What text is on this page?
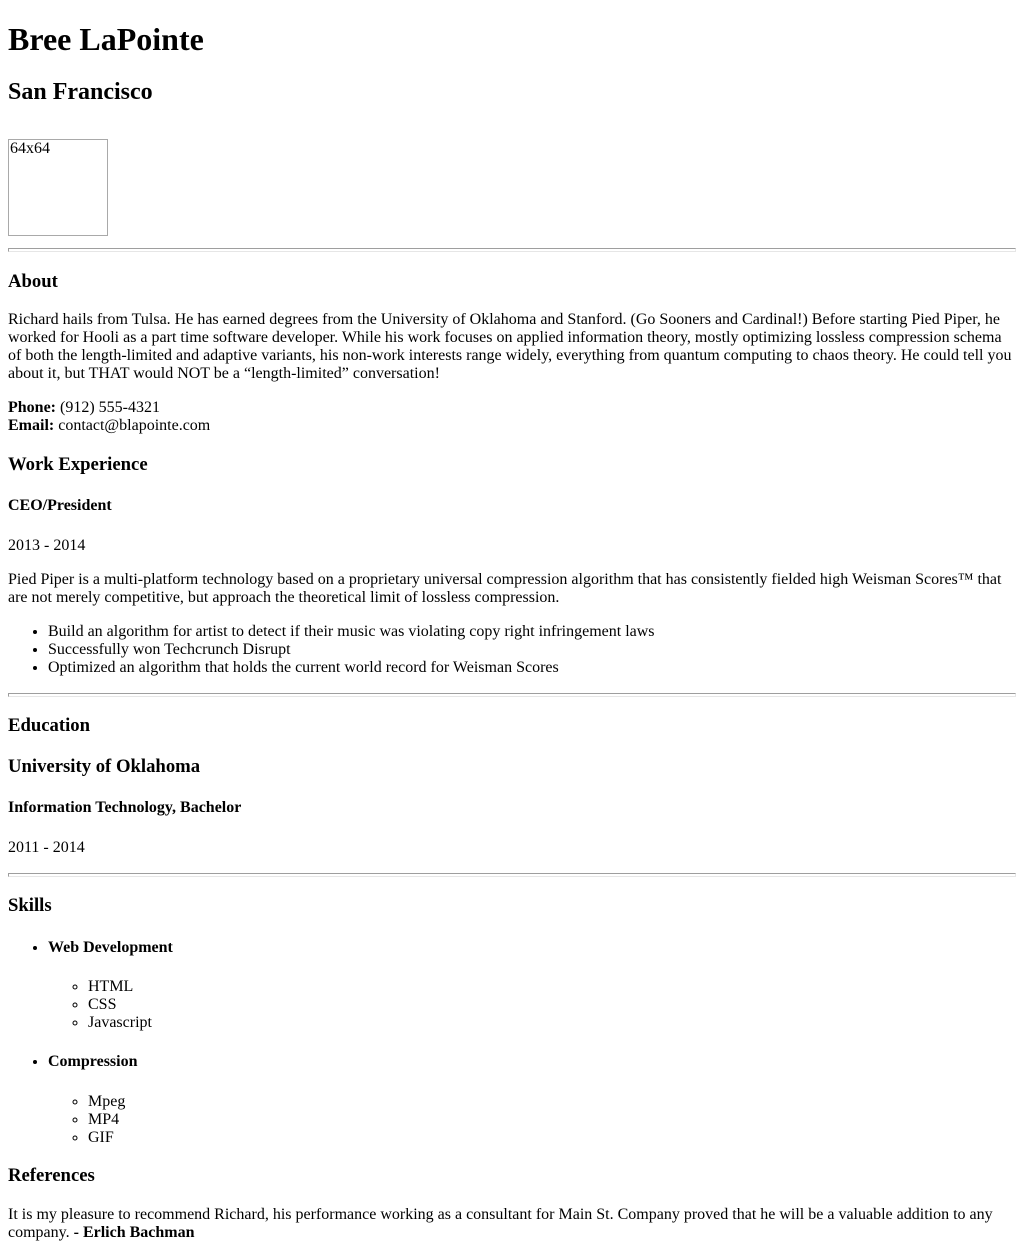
Bree LaPointe
San Francisco
64x64
About

Richard hails from Tulsa. He has earned degrees from the University of Oklahoma and Stanford. (Go Sooners and Cardinal!) Before starting Pied Piper, he worked for Hooli as a part time software developer. While his work focuses on applied information theory, mostly optimizing lossless compression schema of both the length-limited and adaptive variants, his non-work interests range widely, everything from quantum computing to chaos theory. He could tell you about it, but THAT would NOT be a “length-limited” conversation!

Phone: (912) 555-4321
Email: contact@blapointe.com

Work Experience
CEO/President

2013 - 2014

Pied Piper is a multi-platform technology based on a proprietary universal compression algorithm that has consistently fielded high Weisman Scores™ that are not merely competitive, but approach the theoretical limit of lossless compression.

• Build an algorithm for artist to detect if their music was violating copy right infringement laws
• Successfully won Techcrunch Disrupt
• Optimized an algorithm that holds the current world record for Weisman Scores
Education
University of Oklahoma
Information Technology, Bachelor

2011 - 2014

Skills
• Web Development
◦ HTML
◦ CSS
◦ Javascript
• Compression
◦ Mpeg
◦ MP4
◦ GIF
References

It is my pleasure to recommend Richard, his performance working as a consultant for Main St. Company proved that he will be a valuable addition to any company. - Erlich Bachman
